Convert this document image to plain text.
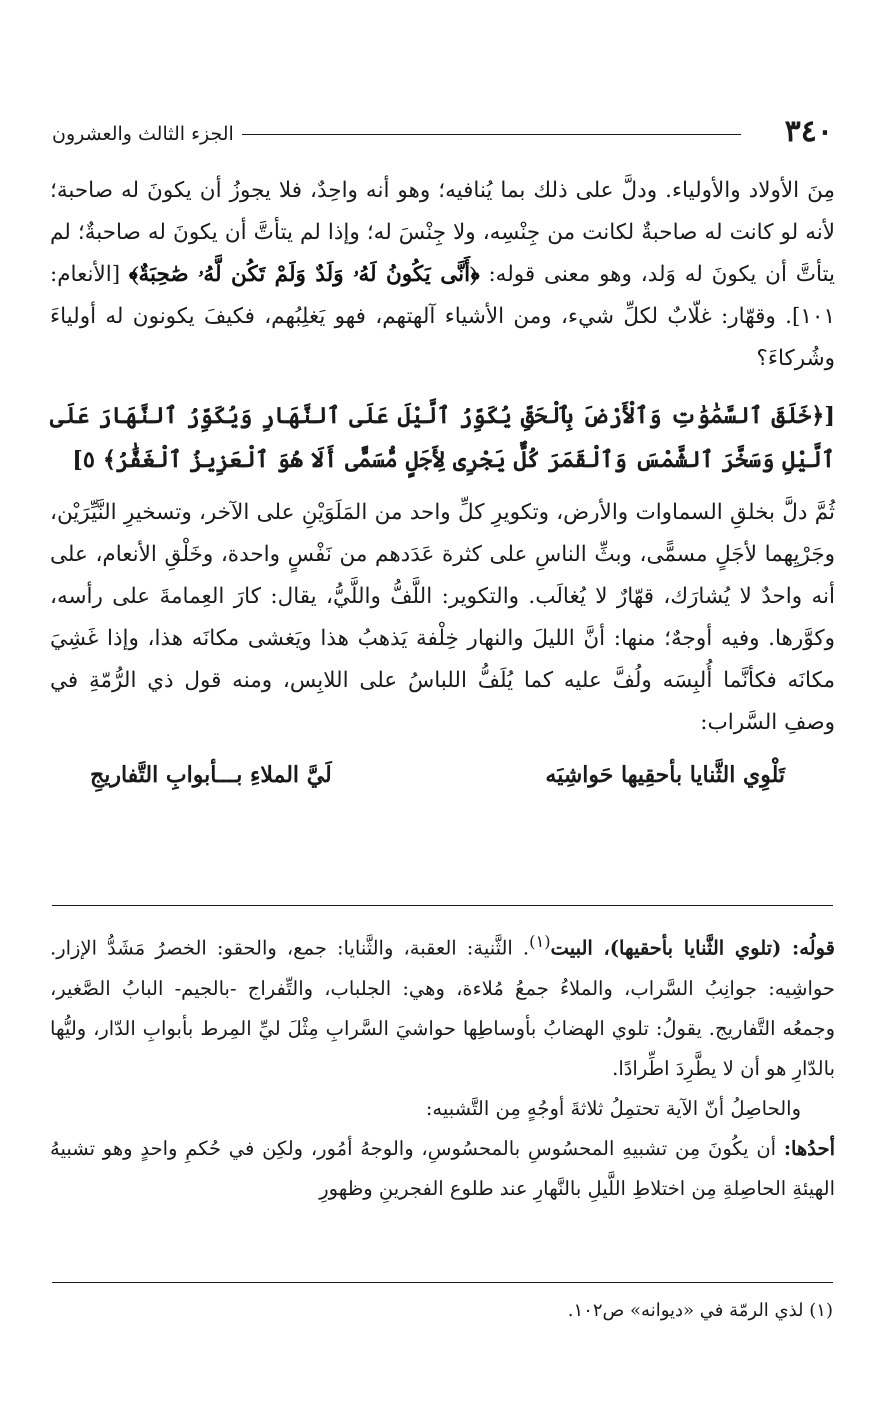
٣٤٠
الجزء الثالث والعشرون

مِنَ الأولاد والأولياء. ودلَّ على ذلك بما يُنافيه؛ وهو أنه واحِدٌ، فلا يجوزُ أن يكونَ له صاحبة؛ لأنه لو كانت له صاحبةٌ لكانت من جِنْسِه، ولا جِنْسَ له؛ وإذا لم يتأتَّ أن يكونَ له صاحبةٌ؛ لم يتأتَّ أن يكونَ له وَلد، وهو معنى قوله: ﴿أَنَّى يَكُونُ لَهُۥ وَلَدٌ وَلَمْ تَكُن لَّهُۥ صَٰحِبَةٌ﴾ [الأنعام: ١٠١]. وقهّار: غلّابٌ لكلِّ شيء، ومن الأشياء آلهتهم، فهو يَغلِبُهم، فكيفَ يكونون له أولياءَ وشُركاءَ؟

[﴿خَلَقَ ٱلسَّمَٰوَٰتِ وَٱلْأَرْضَ بِٱلْحَقِّ يُكَوِّرُ ٱلَّيْلَ عَلَى ٱلنَّهَارِ وَيُكَوِّرُ ٱلنَّهَارَ عَلَى ٱلَّيْلِ وَسَخَّرَ ٱلشَّمْسَ وَٱلْقَمَرَ كُلٌّ يَجْرِى لِأَجَلٍ مُّسَمًّى أَلَا هُوَ ٱلْعَزِيزُ ٱلْغَفَّٰرُ﴾ ٥]

ثُمَّ دلَّ بخلقِ السماوات والأرض، وتكويرِ كلِّ واحد من المَلَوَيْنِ على الآخر، وتسخيرِ النَّيِّرَيْن، وجَرْيِهما لأجَلٍ مسمًّى، وبثِّ الناسِ على كثرة عَدَدهم من نَفْسٍ واحدة، وخَلْقِ الأنعام، على أنه واحدٌ لا يُشارَك، قهّارٌ لا يُغالَب. والتكوير: اللَّفُّ واللَّيُّ، يقال: كارَ العِمامةَ على رأسه، وكوَّرها. وفيه أوجهٌ؛ منها: أنَّ الليلَ والنهار خِلْفة يَذهبُ هذا ويَغشى مكانَه هذا، وإذا غَشِيَ مكانَه فكأنَّما أُلبِسَه ولُفَّ عليه كما يُلَفُّ اللباسُ على اللابِس، ومنه قول ذي الرُّمّةِ في وصفِ السَّراب:

تَلْوِي الثَّنايا بأحقِيها حَواشِيَه
لَيَّ الملاءِ بـــأبوابِ التَّفاريجِ

قولُه: (تلوي الثَّنايا بأحقيها)، البيت$^{(١)}$. الثَّنية: العقبة، والثَّنايا: جمع، والحقو: الخصرُ مَشَدُّ الإزار. حواشِيه: جوانِبُ السَّراب، والملاءُ جمعُ مُلاءة، وهي: الجلباب، والتِّفراج -بالجيم- البابُ الصَّغير، وجمعُه التَّفاريج. يقولُ: تلوي الهضابُ بأوساطِها حواشيَ السَّرابِ مِثْلَ ليِّ المِرط بأبوابِ الدّار، وليُّها بالدّارِ هو أن لا يطَّرِدَ اطِّرادًا.

والحاصِلُ أنّ الآية تحتمِلُ ثلاثةَ أوجُهٍ مِن التَّشبيه:

أحدُها: أن يكُونَ مِن تشبيهِ المحسُوسِ بالمحسُوسِ، والوجهُ أمُور، ولكِن في حُكمِ واحدٍ وهو تشبيهُ الهيئةِ الحاصِلةِ مِن اختلاطِ اللَّيلِ بالنَّهارِ عند طلوع الفجرينِ وظهورِ

(١) لذي الرمّة في «ديوانه» ص١٠٢.
